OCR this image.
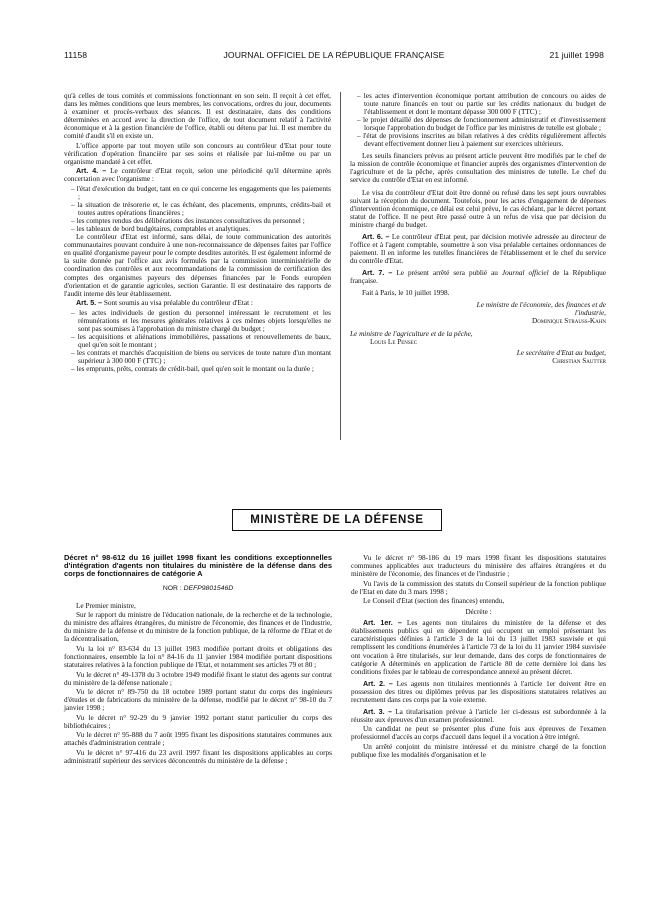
11158	JOURNAL OFFICIEL DE LA RÉPUBLIQUE FRANÇAISE	21 juillet 1998

qu'à celles de tous comités et commissions fonctionnant en son sein. Il reçoit à cet effet, dans les mêmes conditions que leurs membres, les convocations, ordres du jour, documents à examiner et procès-verbaux des séances. Il est destinataire, dans des conditions déterminées en accord avec la direction de l'office, de tout document relatif à l'activité économique et à la gestion financière de l'office, établi ou détenu par lui. Il est membre du comité d'audit s'il en existe un.

L'office apporte par tout moyen utile son concours au contrôleur d'Etat pour toute vérification d'opération financière par ses soins et réalisée par lui-même ou par un organisme mandaté à cet effet.

Art. 4. – Le contrôleur d'Etat reçoit, selon une périodicité qu'il détermine après concertation avec l'organisme :

– l'état d'exécution du budget, tant en ce qui concerne les engagements que les paiements ;

– la situation de trésorerie et, le cas échéant, des placements, emprunts, crédits-bail et toutes autres opérations financières ;

– les comptes rendus des délibérations des instances consultatives du personnel ;

– les tableaux de bord budgétaires, comptables et analytiques.

Le contrôleur d'Etat est informé, sans délai, de toute communication des autorités communautaires pouvant conduire à une non-reconnaissance de dépenses faites par l'office en qualité d'organisme payeur pour le compte desdites autorités. Il est également informé de la suite donnée par l'office aux avis formulés par la commission interministérielle de coordination des contrôles et aux recommandations de la commission de certification des comptes des organismes payeurs des dépenses financées par le Fonds européen d'orientation et de garantie agricoles, section Garantie. Il est destinataire des rapports de l'audit interne dès leur établissement.

Art. 5. – Sont soumis au visa préalable du contrôleur d'Etat :

– les actes individuels de gestion du personnel intéressant le recrutement et les rémunérations et les mesures générales relatives à ces mêmes objets lorsqu'elles ne sont pas soumises à l'approbation du ministre chargé du budget ;

– les acquisitions et aliénations immobilières, passations et renouvellements de baux, quel qu'en soit le montant ;

– les contrats et marchés d'acquisition de biens ou services de toute nature d'un montant supérieur à 300 000 F (TTC) ;

– les emprunts, prêts, contrats de crédit-bail, quel qu'en soit le montant ou la durée ;

– les actes d'intervention économique portant attribution de concours ou aides de toute nature financés en tout ou partie sur les crédits nationaux du budget de l'établissement et dont le montant dépasse 300 000 F (TTC) ;

– le projet détaillé des dépenses de fonctionnement administratif et d'investissement lorsque l'approbation du budget de l'office par les ministres de tutelle est globale ;

– l'état de provisions inscrites au bilan relatives à des crédits régulièrement affectés devant effectivement donner lieu à paiement sur exercices ultérieurs.

Les seuils financiers prévus au présent article peuvent être modifiés par le chef de la mission de contrôle économique et financier auprès des organismes d'intervention de l'agriculture et de la pêche, après consultation des ministres de tutelle. Le chef du service du contrôle d'Etat en est informé.

Le visa du contrôleur d'Etat doit être donné ou refusé dans les sept jours ouvrables suivant la réception du document. Toutefois, pour les actes d'engagement de dépenses d'intervention économique, ce délai est celui prévu, le cas échéant, par le décret portant statut de l'office. Il ne peut être passé outre à un refus de visa que par décision du ministre chargé du budget.

Art. 6. – Le contrôleur d'Etat peut, par décision motivée adressée au directeur de l'office et à l'agent comptable, soumettre à son visa préalable certaines ordonnances de paiement. Il en informe les tutelles financières de l'établissement et le chef du service du contrôle d'Etat.

Art. 7. – Le présent arrêté sera publié au Journal officiel de la République française.

Fait à Paris, le 10 juillet 1998.

Le ministre de l'économie, des finances et de l'industrie,
Dominique Strauss-Kahn
Le ministre de l'agriculture et de la pêche,
Louis Le Pensec
Le secrétaire d'Etat au budget,
Christian Sautter
MINISTÈRE DE LA DÉFENSE

Décret n° 98-612 du 16 juillet 1998 fixant les conditions exceptionnelles d'intégration d'agents non titulaires du ministère de la défense dans des corps de fonctionnaires de catégorie A

NOR : DEFP9801546D

Le Premier ministre,

Sur le rapport du ministre de l'éducation nationale, de la recherche et de la technologie, du ministre des affaires étrangères, du ministre de l'économie, des finances et de l'industrie, du ministre de la défense et du ministre de la fonction publique, de la réforme de l'Etat et de la décentralisation,

Vu la loi n° 83-634 du 13 juillet 1983 modifiée portant droits et obligations des fonctionnaires, ensemble la loi n° 84-16 du 11 janvier 1984 modifiée portant dispositions statutaires relatives à la fonction publique de l'Etat, et notamment ses articles 79 et 80 ;

Vu le décret n° 49-1378 du 3 octobre 1949 modifié fixant le statut des agents sur contrat du ministère de la défense nationale ;

Vu le décret n° 89-750 du 18 octobre 1989 portant statut du corps des ingénieurs d'études et de fabrications du ministère de la défense, modifié par le décret n° 98-10 du 7 janvier 1998 ;

Vu le décret n° 92-29 du 9 janvier 1992 portant statut particulier du corps des bibliothécaires ;

Vu le décret n° 95-888 du 7 août 1995 fixant les dispositions statutaires communes aux attachés d'administration centrale ;

Vu le décret n° 97-416 du 23 avril 1997 fixant les dispositions applicables au corps administratif supérieur des services déconcentrés du ministère de la défense ;

Vu le décret n° 98-186 du 19 mars 1998 fixant les dispositions statutaires communes applicables aux traducteurs du ministère des affaires étrangères et du ministère de l'économie, des finances et de l'industrie ;

Vu l'avis de la commission des statuts du Conseil supérieur de la fonction publique de l'Etat en date du 3 mars 1998 ;

Le Conseil d'Etat (section des finances) entendu,

Décrète :

Art. 1er. – Les agents non titulaires du ministère de la défense et des établissements publics qui en dépendent qui occupent un emploi présentant les caractéristiques définies à l'article 3 de la loi du 13 juillet 1983 susvisée et qui remplissent les conditions énumérées à l'article 73 de la loi du 11 janvier 1984 susvisée ont vocation à être titularisés, sur leur demande, dans des corps de fonctionnaires de catégorie A déterminés en application de l'article 80 de cette dernière loi dans les conditions fixées par le tableau de correspondance annexé au présent décret.

Art. 2. – Les agents non titulaires mentionnés à l'article 1er doivent être en possession des titres ou diplômes prévus par les dispositions statutaires relatives au recrutement dans ces corps par la voie externe.

Art. 3. – La titularisation prévue à l'article 1er ci-dessus est subordonnée à la réussite aux épreuves d'un examen professionnel.

Un candidat ne peut se présenter plus d'une fois aux épreuves de l'examen professionnel d'accès au corps d'accueil dans lequel il a vocation à être intégré.

Un arrêté conjoint du ministre intéressé et du ministre chargé de la fonction publique fixe les modalités d'organisation et le
